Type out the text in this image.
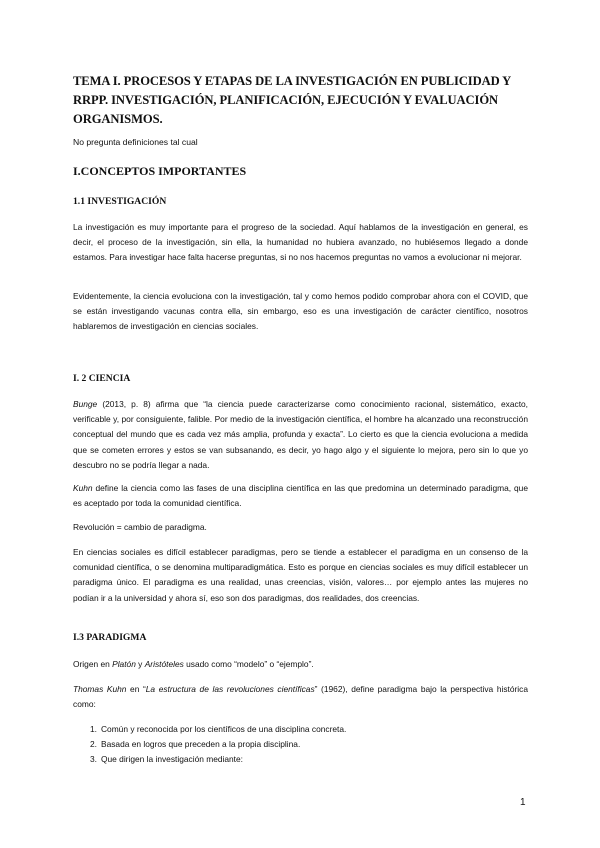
TEMA I. PROCESOS Y ETAPAS DE LA INVESTIGACIÓN EN PUBLICIDAD Y RRPP. INVESTIGACIÓN, PLANIFICACIÓN, EJECUCIÓN Y EVALUACIÓN ORGANISMOS.
No pregunta definiciones tal cual
I.CONCEPTOS IMPORTANTES
1.1 INVESTIGACIÓN
La investigación es muy importante para el progreso de la sociedad. Aquí hablamos de la investigación en general, es decir, el proceso de la investigación, sin ella, la humanidad no hubiera avanzado, no hubiésemos llegado a donde estamos. Para investigar hace falta hacerse preguntas, si no nos hacemos preguntas no vamos a evolucionar ni mejorar.
Evidentemente, la ciencia evoluciona con la investigación, tal y como hemos podido comprobar ahora con el COVID, que se están investigando vacunas contra ella, sin embargo, eso es una investigación de carácter científico, nosotros hablaremos de investigación en ciencias sociales.
I. 2 CIENCIA
Bunge (2013, p. 8) afirma que “la ciencia puede caracterizarse como conocimiento racional, sistemático, exacto, verificable y, por consiguiente, falible. Por medio de la investigación científica, el hombre ha alcanzado una reconstrucción conceptual del mundo que es cada vez más amplia, profunda y exacta”. Lo cierto es que la ciencia evoluciona a medida que se cometen errores y estos se van subsanando, es decir, yo hago algo y el siguiente lo mejora, pero sin lo que yo descubro no se podría llegar a nada.
Kuhn define la ciencia como las fases de una disciplina científica en las que predomina un determinado paradigma, que es aceptado por toda la comunidad científica.
Revolución = cambio de paradigma.
En ciencias sociales es difícil establecer paradigmas, pero se tiende a establecer el paradigma en un consenso de la comunidad científica, o se denomina multiparadigmática. Esto es porque en ciencias sociales es muy difícil establecer un paradigma único. El paradigma es una realidad, unas creencias, visión, valores… por ejemplo antes las mujeres no podían ir a la universidad y ahora sí, eso son dos paradigmas, dos realidades, dos creencias.
I.3 PARADIGMA
Origen en Platón y Aristóteles usado como “modelo” o “ejemplo”.
Thomas Kuhn en “La estructura de las revoluciones científicas” (1962), define paradigma bajo la perspectiva histórica como:
1. Común y reconocida por los científicos de una disciplina concreta.
2. Basada en logros que preceden a la propia disciplina.
3. Que dirigen la investigación mediante:
1
